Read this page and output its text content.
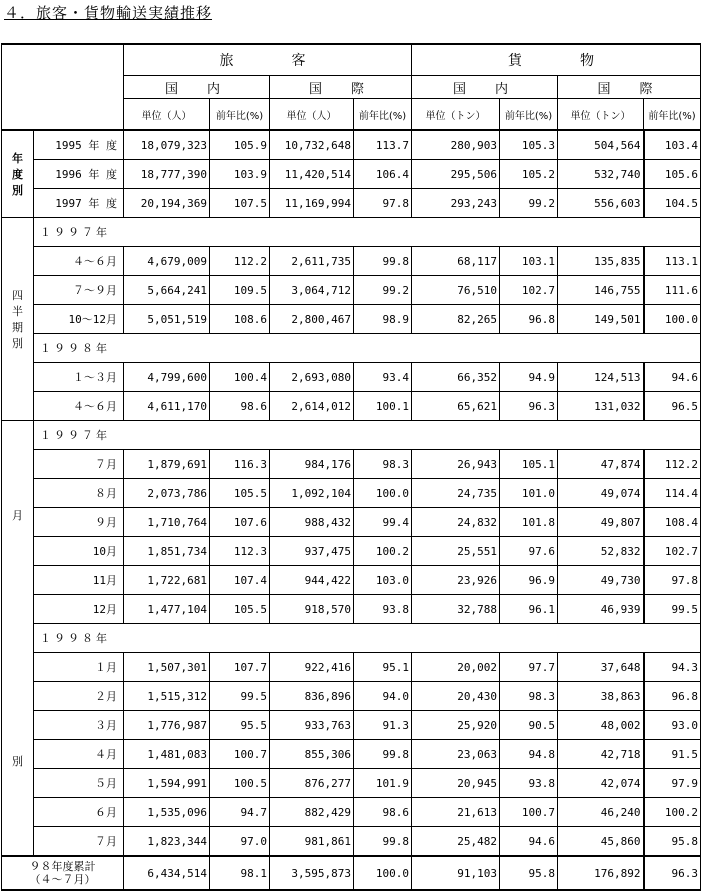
４．旅客・貨物輸送実績推移
		旅　　客				貨　　物			
		国　内		国　際		国　内		国　際	
		単位（人）	前年比(%)	単位（人）	前年比(%)	単位（トン）	前年比(%)	単位（トン）	前年比(%)

年
度
別	1995 年 度	18,079,323	105.9	10,732,648	113.7	280,903	105.3	504,564	103.4
	1996 年 度	18,777,390	103.9	11,420,514	106.4	295,506	105.2	532,740	105.6
	1997 年 度	20,194,369	107.5	11,169,994	97.8	293,243	99.2	556,603	104.5

四
半
期
別	１９９７年								
	４～６月	4,679,009	112.2	2,611,735	99.8	68,117	103.1	135,835	113.1
	７～９月	5,664,241	109.5	3,064,712	99.2	76,510	102.7	146,755	111.6
	10～12月	5,051,519	108.6	2,800,467	98.9	82,265	96.8	149,501	100.0
	１９９８年								
	１～３月	4,799,600	100.4	2,693,080	93.4	66,352	94.9	124,513	94.6
	４～６月	4,611,170	98.6	2,614,012	100.1	65,621	96.3	131,032	96.5

月
別	１９９７年								
	７月	1,879,691	116.3	984,176	98.3	26,943	105.1	47,874	112.2
	８月	2,073,786	105.5	1,092,104	100.0	24,735	101.0	49,074	114.4
	９月	1,710,764	107.6	988,432	99.4	24,832	101.8	49,807	108.4
	10月	1,851,734	112.3	937,475	100.2	25,551	97.6	52,832	102.7
	11月	1,722,681	107.4	944,422	103.0	23,926	96.9	49,730	97.8
	12月	1,477,104	105.5	918,570	93.8	32,788	96.1	46,939	99.5
	１９９８年								
	１月	1,507,301	107.7	922,416	95.1	20,002	97.7	37,648	94.3
	２月	1,515,312	99.5	836,896	94.0	20,430	98.3	38,863	96.8
	３月	1,776,987	95.5	933,763	91.3	25,920	90.5	48,002	93.0
	４月	1,481,083	100.7	855,306	99.8	23,063	94.8	42,718	91.5
	５月	1,594,991	100.5	876,277	101.9	20,945	93.8	42,074	97.9
	６月	1,535,096	94.7	882,429	98.6	21,613	100.7	46,240	100.2
	７月	1,823,344	97.0	981,861	99.8	25,482	94.6	45,860	95.8

９８年度累計
（４～７月）		6,434,514	98.1	3,595,873	100.0	91,103	95.8	176,892	96.3
